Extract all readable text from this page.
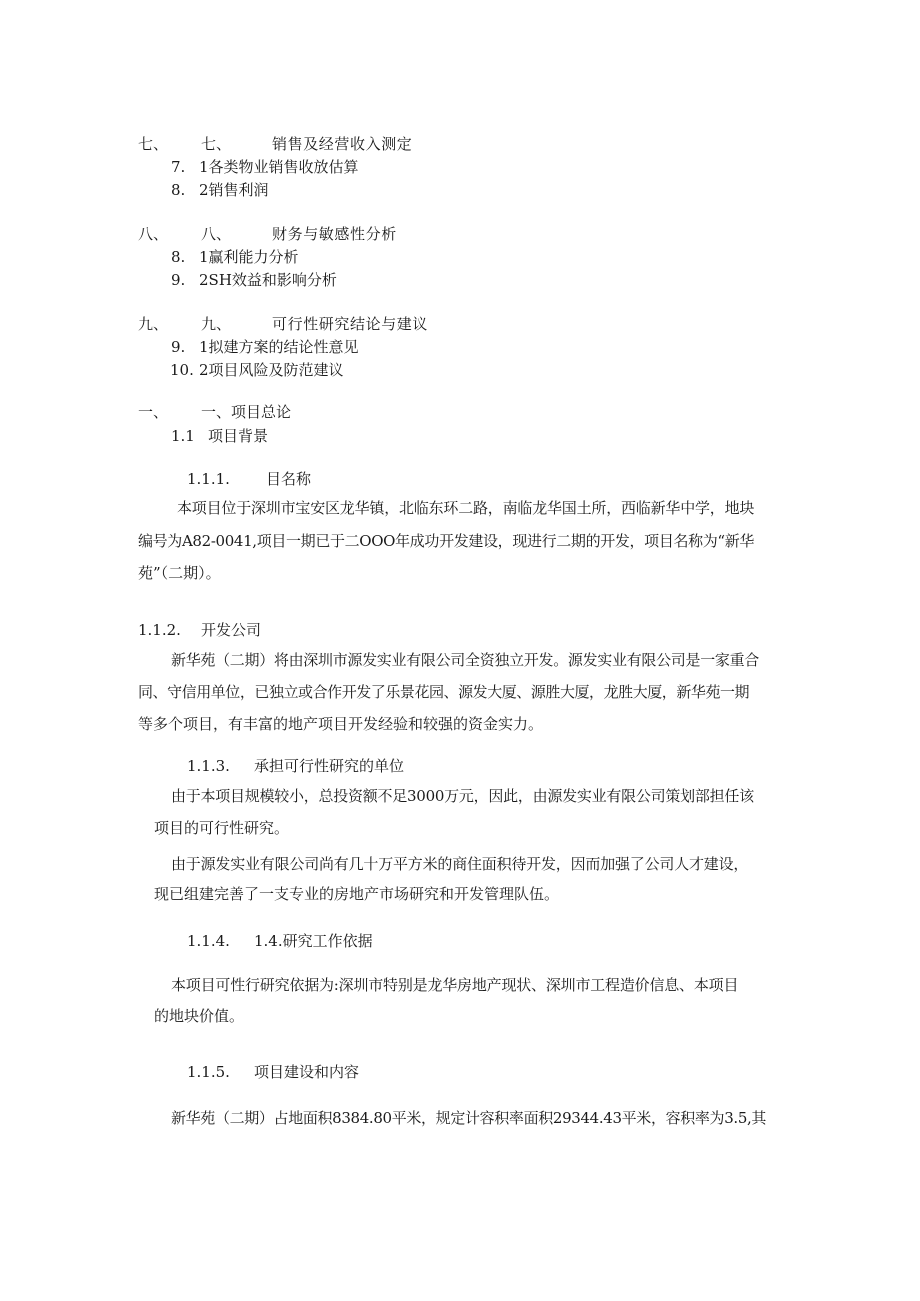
七、 七、	销售及经营收入测定
7. 1各类物业销售收放估算
8. 2销售利润
八、 八、	财务与敏感性分析
8. 1赢利能力分析
9. 2SH效益和影响分析
九、 九、	可行性研究结论与建议
9. 1拟建方案的结论性意见
10. 2项目风险及防范建议
一、 一、项目总论
1.1 项目背景
1.1.1. 目名称
本项目位于深圳市宝安区龙华镇，北临东环二路，南临龙华国土所，西临新华中学，地块
编号为A82-0041,项目一期已于二OOO年成功开发建设，现进行二期的开发，项目名称为“新华
苑”（二期）。
1.1.2. 开发公司
新华苑（二期）将由深圳市源发实业有限公司全资独立开发。源发实业有限公司是一家重合
同、守信用单位，已独立或合作开发了乐景花园、源发大厦、源胜大厦，龙胜大厦，新华苑一期
等多个项目，有丰富的地产项目开发经验和较强的资金实力。
1.1.3. 承担可行性研究的单位
由于本项目规模较小，总投资额不足3000万元，因此，由源发实业有限公司策划部担任该
项目的可行性研究。
由于源发实业有限公司尚有几十万平方米的商住面积待开发，因而加强了公司人才建设，
现已组建完善了一支专业的房地产市场研究和开发管理队伍。
1.1.4. 1.4.研究工作依据
本项目可性行研究依据为:深圳市特别是龙华房地产现状、深圳市工程造价信息、本项目
的地块价值。
1.1.5. 项目建设和内容
新华苑（二期）占地面积8384.80平米，规定计容积率面积29344.43平米，容积率为3.5,其
